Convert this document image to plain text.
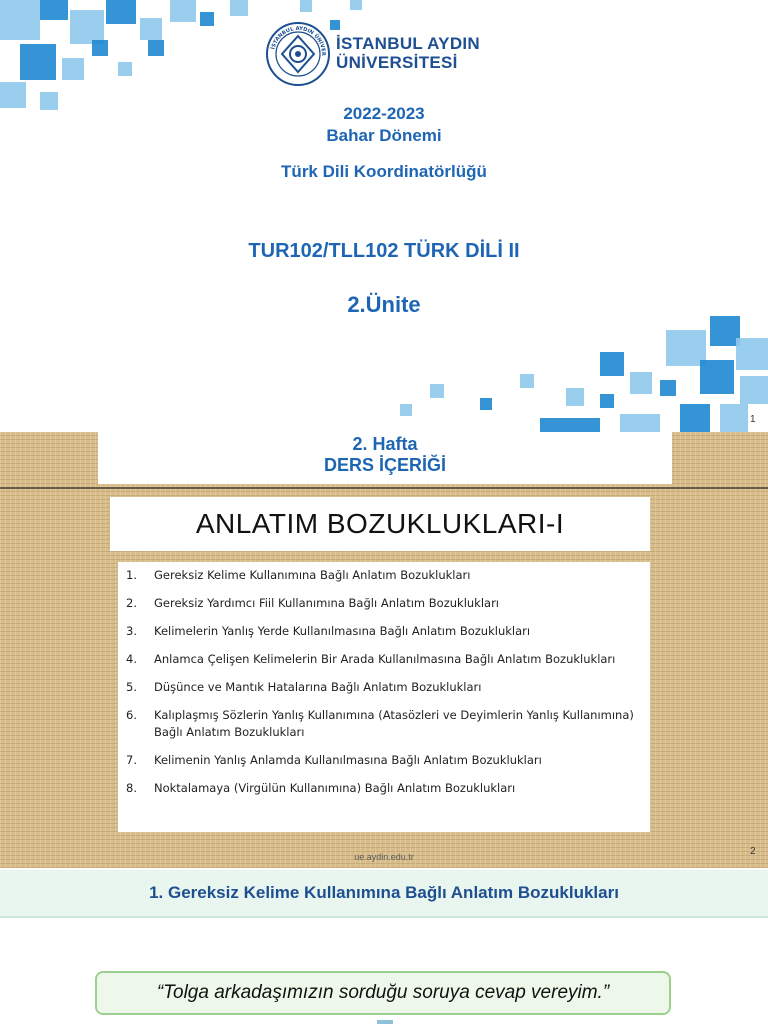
İSTANBUL AYDIN ÜNİVER
İSTANBUL AYDIN
ÜNİVERSİTESİ
2022-2023
Bahar Dönemi
Türk Dili Koordinatörlüğü
TUR102/TLL102 TÜRK DİLİ II
2.Ünite
1
2. Hafta
DERS İÇERİĞİ
ANLATIM BOZUKLUKLARI-I
1.	Gereksiz Kelime Kullanımına Bağlı Anlatım Bozuklukları
2.	Gereksiz Yardımcı Fiil Kullanımına Bağlı Anlatım Bozuklukları
3.	Kelimelerin Yanlış Yerde Kullanılmasına Bağlı Anlatım Bozuklukları
4.	Anlamca Çelişen Kelimelerin Bir Arada Kullanılmasına Bağlı Anlatım Bozuklukları
5.	Düşünce ve Mantık Hatalarına Bağlı Anlatım Bozuklukları
6.	Kalıplaşmış Sözlerin Yanlış Kullanımına (Atasözleri ve Deyimlerin Yanlış Kullanımına) Bağlı Anlatım Bozuklukları
7.	Kelimenin Yanlış Anlamda Kullanılmasına Bağlı Anlatım Bozuklukları
8.	Noktalamaya (Virgülün Kullanımına) Bağlı Anlatım Bozuklukları
ue.aydin.edu.tr	2
1. Gereksiz Kelime Kullanımına Bağlı Anlatım Bozuklukları
“Tolga arkadaşımızın sorduğu soruya cevap vereyim.”
